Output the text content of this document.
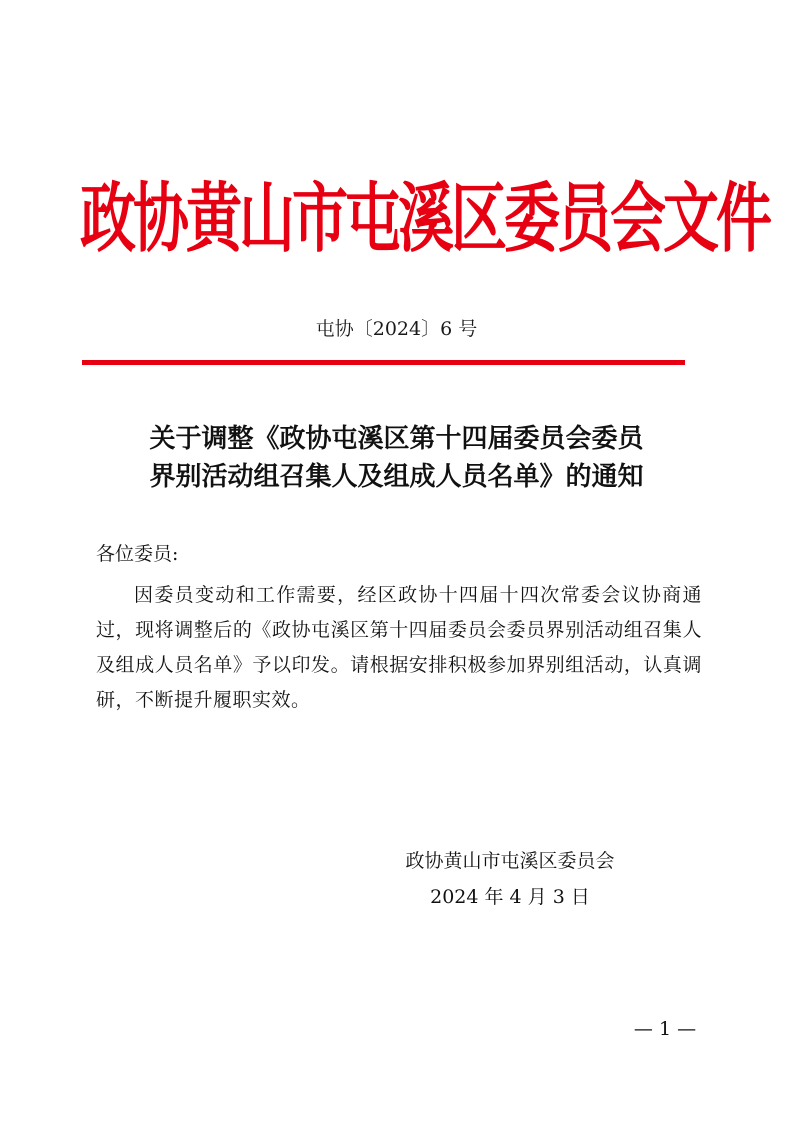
政协黄山市屯溪区委员会文件
屯协〔2024〕6 号
关于调整《政协屯溪区第十四届委员会委员
界别活动组召集人及组成人员名单》的通知
各位委员:
因委员变动和工作需要，经区政协十四届十四次常委会议协商通过，现将调整后的《政协屯溪区第十四届委员会委员界别活动组召集人及组成人员名单》予以印发。请根据安排积极参加界别组活动，认真调研，不断提升履职实效。
政协黄山市屯溪区委员会
2024 年 4 月 3 日
— 1 —
